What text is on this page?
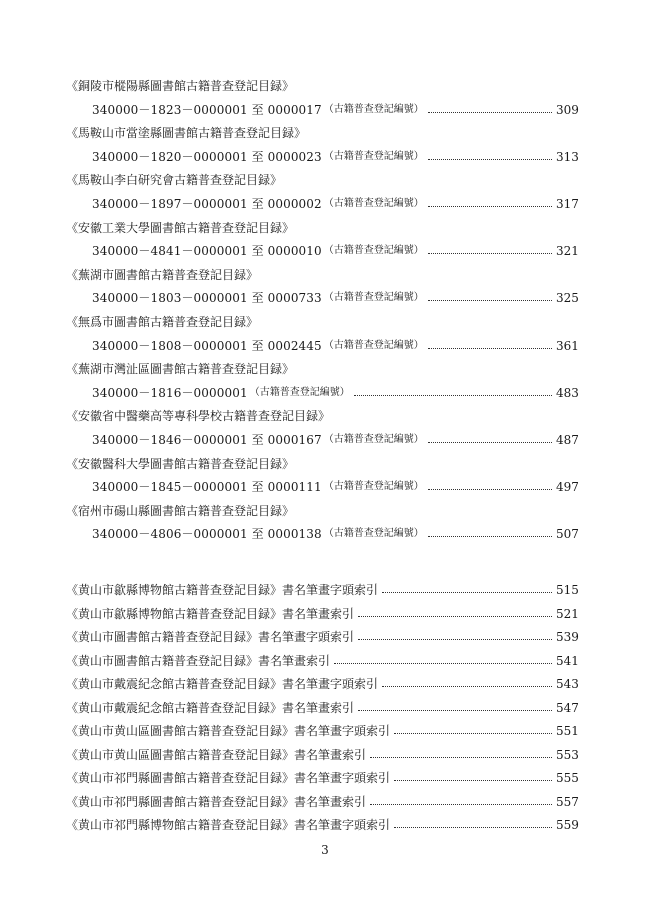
《銅陵市樅陽縣圖書館古籍普查登記目録》
340000－1823－0000001 至 0000017 （古籍普查登記編號）	309
《馬鞍山市當塗縣圖書館古籍普查登記目録》
340000－1820－0000001 至 0000023 （古籍普查登記編號）	313
《馬鞍山李白研究會古籍普查登記目録》
340000－1897－0000001 至 0000002 （古籍普查登記編號）	317
《安徽工業大學圖書館古籍普查登記目録》
340000－4841－0000001 至 0000010 （古籍普查登記編號）	321
《蕪湖市圖書館古籍普查登記目録》
340000－1803－0000001 至 0000733 （古籍普查登記編號）	325
《無爲市圖書館古籍普查登記目録》
340000－1808－0000001 至 0002445 （古籍普查登記編號）	361
《蕪湖市灣沚區圖書館古籍普查登記目録》
340000－1816－0000001 （古籍普查登記編號）	483
《安徽省中醫藥高等專科學校古籍普查登記目録》
340000－1846－0000001 至 0000167 （古籍普查登記編號）	487
《安徽醫科大學圖書館古籍普查登記目録》
340000－1845－0000001 至 0000111 （古籍普查登記編號）	497
《宿州市碭山縣圖書館古籍普查登記目録》
340000－4806－0000001 至 0000138 （古籍普查登記編號）	507
《黄山市歙縣博物館古籍普查登記目録》書名筆畫字頭索引	515
《黄山市歙縣博物館古籍普查登記目録》書名筆畫索引	521
《黄山市圖書館古籍普查登記目録》書名筆畫字頭索引	539
《黄山市圖書館古籍普查登記目録》書名筆畫索引	541
《黄山市戴震紀念館古籍普查登記目録》書名筆畫字頭索引	543
《黄山市戴震紀念館古籍普查登記目録》書名筆畫索引	547
《黄山市黄山區圖書館古籍普查登記目録》書名筆畫字頭索引	551
《黄山市黄山區圖書館古籍普查登記目録》書名筆畫索引	553
《黄山市祁門縣圖書館古籍普查登記目録》書名筆畫字頭索引	555
《黄山市祁門縣圖書館古籍普查登記目録》書名筆畫索引	557
《黄山市祁門縣博物館古籍普查登記目録》書名筆畫字頭索引	559
3
